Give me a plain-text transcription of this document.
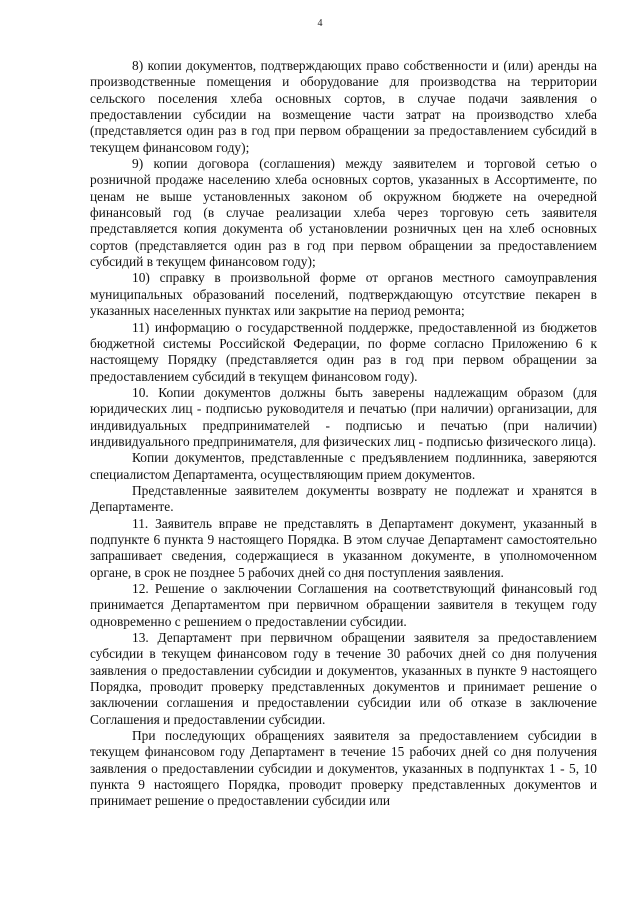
4

8) копии документов, подтверждающих право собственности и (или) аренды на производственные помещения и оборудование для производства на территории сельского поселения хлеба основных сортов, в случае подачи заявления о предоставлении субсидии на возмещение части затрат на производство хлеба (представляется один раз в год при первом обращении за предоставлением субсидий в текущем финансовом году);

9) копии договора (соглашения) между заявителем и торговой сетью о розничной продаже населению хлеба основных сортов, указанных в Ассортименте, по ценам не выше установленных законом об окружном бюджете на очередной финансовый год (в случае реализации хлеба через торговую сеть заявителя представляется копия документа об установлении розничных цен на хлеб основных сортов (представляется один раз в год при первом обращении за предоставлением субсидий в текущем финансовом году);

10) справку в произвольной форме от органов местного самоуправления муниципальных образований поселений, подтверждающую отсутствие пекарен в указанных населенных пунктах или закрытие на период ремонта;

11) информацию о государственной поддержке, предоставленной из бюджетов бюджетной системы Российской Федерации, по форме согласно Приложению 6 к настоящему Порядку (представляется один раз в год при первом обращении за предоставлением субсидий в текущем финансовом году).

10. Копии документов должны быть заверены надлежащим образом (для юридических лиц - подписью руководителя и печатью (при наличии) организации, для индивидуальных предпринимателей - подписью и печатью (при наличии) индивидуального предпринимателя, для физических лиц - подписью физического лица).

Копии документов, представленные с предъявлением подлинника, заверяются специалистом Департамента, осуществляющим прием документов.

Представленные заявителем документы возврату не подлежат и хранятся в Департаменте.

11. Заявитель вправе не представлять в Департамент документ, указанный в подпункте 6 пункта 9 настоящего Порядка. В этом случае Департамент самостоятельно запрашивает сведения, содержащиеся в указанном документе, в уполномоченном органе, в срок не позднее 5 рабочих дней со дня поступления заявления.

12. Решение о заключении Соглашения на соответствующий финансовый год принимается Департаментом при первичном обращении заявителя в текущем году одновременно с решением о предоставлении субсидии.

13. Департамент при первичном обращении заявителя за предоставлением субсидии в текущем финансовом году в течение 30 рабочих дней со дня получения заявления о предоставлении субсидии и документов, указанных в пункте 9 настоящего Порядка, проводит проверку представленных документов и принимает решение о заключении соглашения и предоставлении субсидии или об отказе в заключение Соглашения и предоставлении субсидии.

При последующих обращениях заявителя за предоставлением субсидии в текущем финансовом году Департамент в течение 15 рабочих дней со дня получения заявления о предоставлении субсидии и документов, указанных в подпунктах 1 - 5, 10 пункта 9 настоящего Порядка, проводит проверку представленных документов и принимает решение о предоставлении субсидии или
